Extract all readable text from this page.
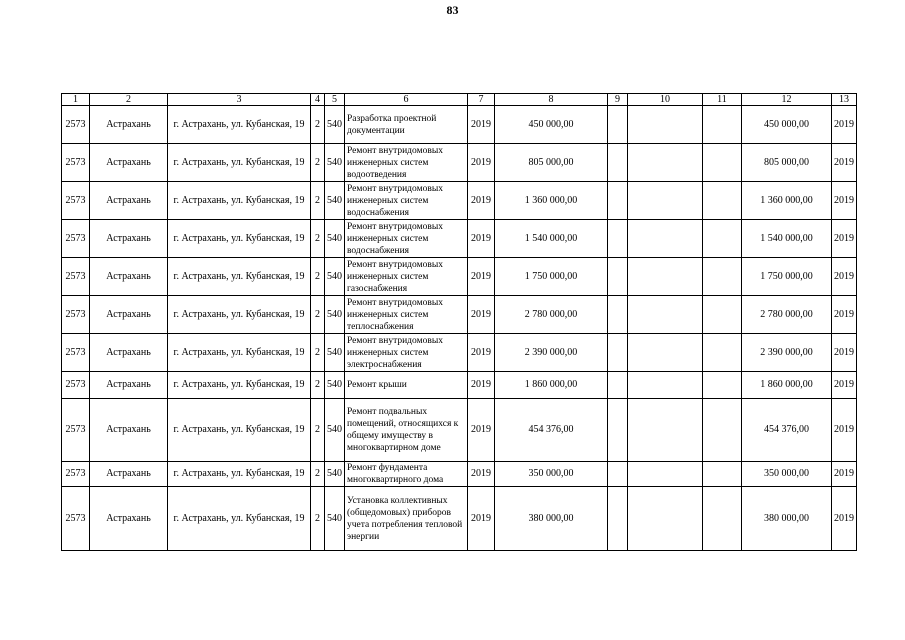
83
1	2	3	4	5	6	7	8	9	10	11	12	13
2573	Астрахань	г. Астрахань, ул. Кубанская, 19	2	540	Разработка проектной документации	2019	450 000,00				450 000,00	2019
2573	Астрахань	г. Астрахань, ул. Кубанская, 19	2	540	Ремонт внутридомовых инженерных систем водоотведения	2019	805 000,00				805 000,00	2019
2573	Астрахань	г. Астрахань, ул. Кубанская, 19	2	540	Ремонт внутридомовых инженерных систем водоснабжения	2019	1 360 000,00				1 360 000,00	2019
2573	Астрахань	г. Астрахань, ул. Кубанская, 19	2	540	Ремонт внутридомовых инженерных систем водоснабжения	2019	1 540 000,00				1 540 000,00	2019
2573	Астрахань	г. Астрахань, ул. Кубанская, 19	2	540	Ремонт внутридомовых инженерных систем газоснабжения	2019	1 750 000,00				1 750 000,00	2019
2573	Астрахань	г. Астрахань, ул. Кубанская, 19	2	540	Ремонт внутридомовых инженерных систем теплоснабжения	2019	2 780 000,00				2 780 000,00	2019
2573	Астрахань	г. Астрахань, ул. Кубанская, 19	2	540	Ремонт внутридомовых инженерных систем электроснабжения	2019	2 390 000,00				2 390 000,00	2019
2573	Астрахань	г. Астрахань, ул. Кубанская, 19	2	540	Ремонт крыши	2019	1 860 000,00				1 860 000,00	2019
2573	Астрахань	г. Астрахань, ул. Кубанская, 19	2	540	Ремонт подвальных помещений, относящихся к общему имуществу в многоквартирном доме	2019	454 376,00				454 376,00	2019
2573	Астрахань	г. Астрахань, ул. Кубанская, 19	2	540	Ремонт фундамента многоквартирного дома	2019	350 000,00				350 000,00	2019
2573	Астрахань	г. Астрахань, ул. Кубанская, 19	2	540	Установка коллективных (общедомовых) приборов учета потребления тепловой энергии	2019	380 000,00				380 000,00	2019
